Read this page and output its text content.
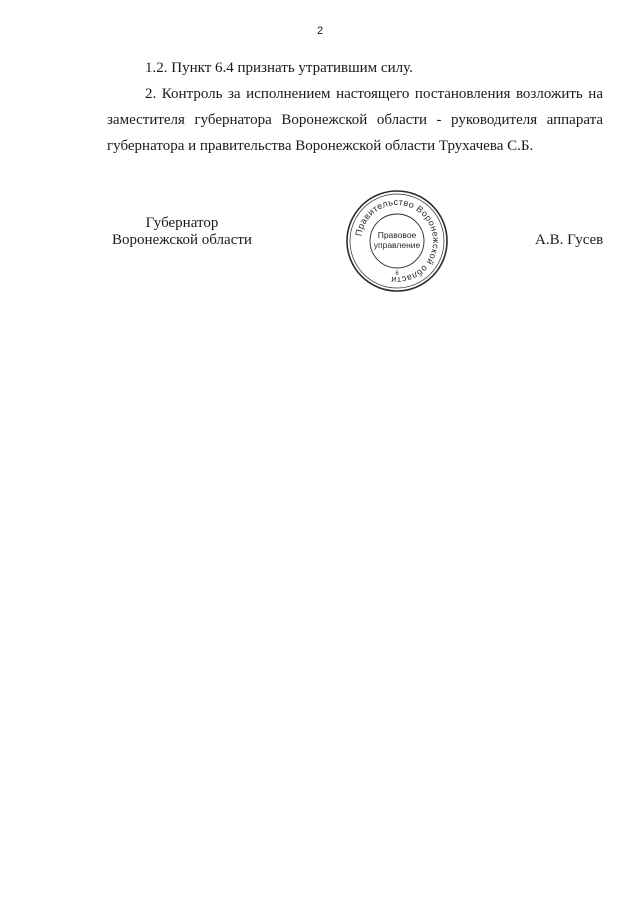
2

1.2. Пункт 6.4 признать утратившим силу.

2. Контроль за исполнением настоящего постановления возложить на заместителя губернатора Воронежской области - руководителя аппарата губернатора и правительства Воронежской области Трухачева С.Б.

Губернатор
Воронежской области	Правительство Воронежской области
Правовое
управление
6
А.В. Гусев
